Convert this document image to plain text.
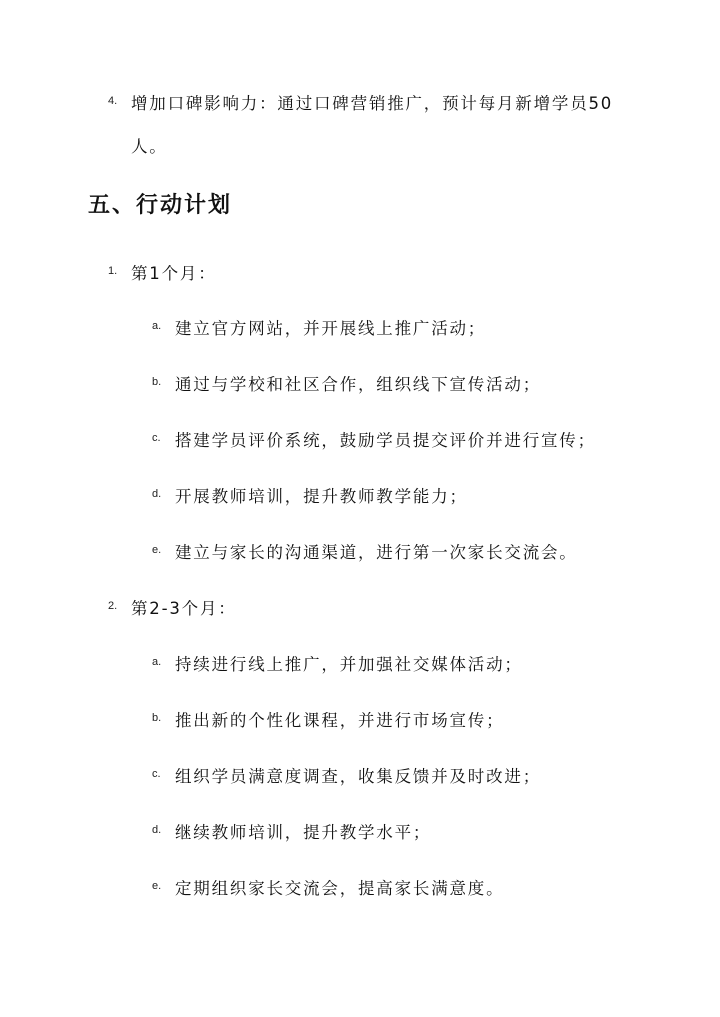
4. 增加口碑影响力：通过口碑营销推广，预计每月新增学员50
人。
五、行动计划
1. 第1个月：
a. 建立官方网站，并开展线上推广活动；
b. 通过与学校和社区合作，组织线下宣传活动；
c. 搭建学员评价系统，鼓励学员提交评价并进行宣传；
d. 开展教师培训，提升教师教学能力；
e. 建立与家长的沟通渠道，进行第一次家长交流会。
2. 第2-3个月：
a. 持续进行线上推广，并加强社交媒体活动；
b. 推出新的个性化课程，并进行市场宣传；
c. 组织学员满意度调查，收集反馈并及时改进；
d. 继续教师培训，提升教学水平；
e. 定期组织家长交流会，提高家长满意度。
